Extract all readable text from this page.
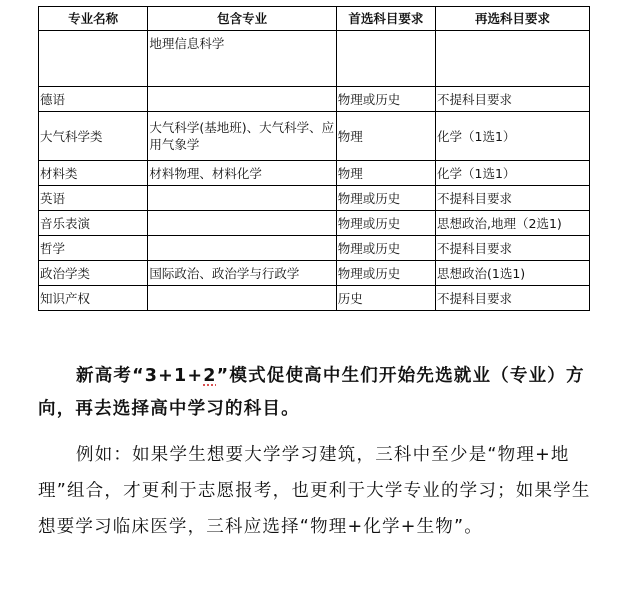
专业名称	包含专业	首选科目要求	再选科目要求
	地理信息科学		
德语		物理或历史	不提科目要求
大气科学类	大气科学(基地班)、大气科学、应用气象学	物理	化学（1选1）
材料类	材料物理、材料化学	物理	化学（1选1）
英语		物理或历史	不提科目要求
音乐表演		物理或历史	思想政治,地理（2选1)
哲学		物理或历史	不提科目要求
政治学类	国际政治、政治学与行政学	物理或历史	思想政治(1选1)
知识产权		历史	不提科目要求

新高考“3+1+2”模式促使高中生们开始先选就业（专业）方向，再去选择高中学习的科目。

例如：如果学生想要大学学习建筑，三科中至少是“物理+地理”组合，才更利于志愿报考，也更利于大学专业的学习；如果学生想要学习临床医学，三科应选择“物理+化学+生物”。
